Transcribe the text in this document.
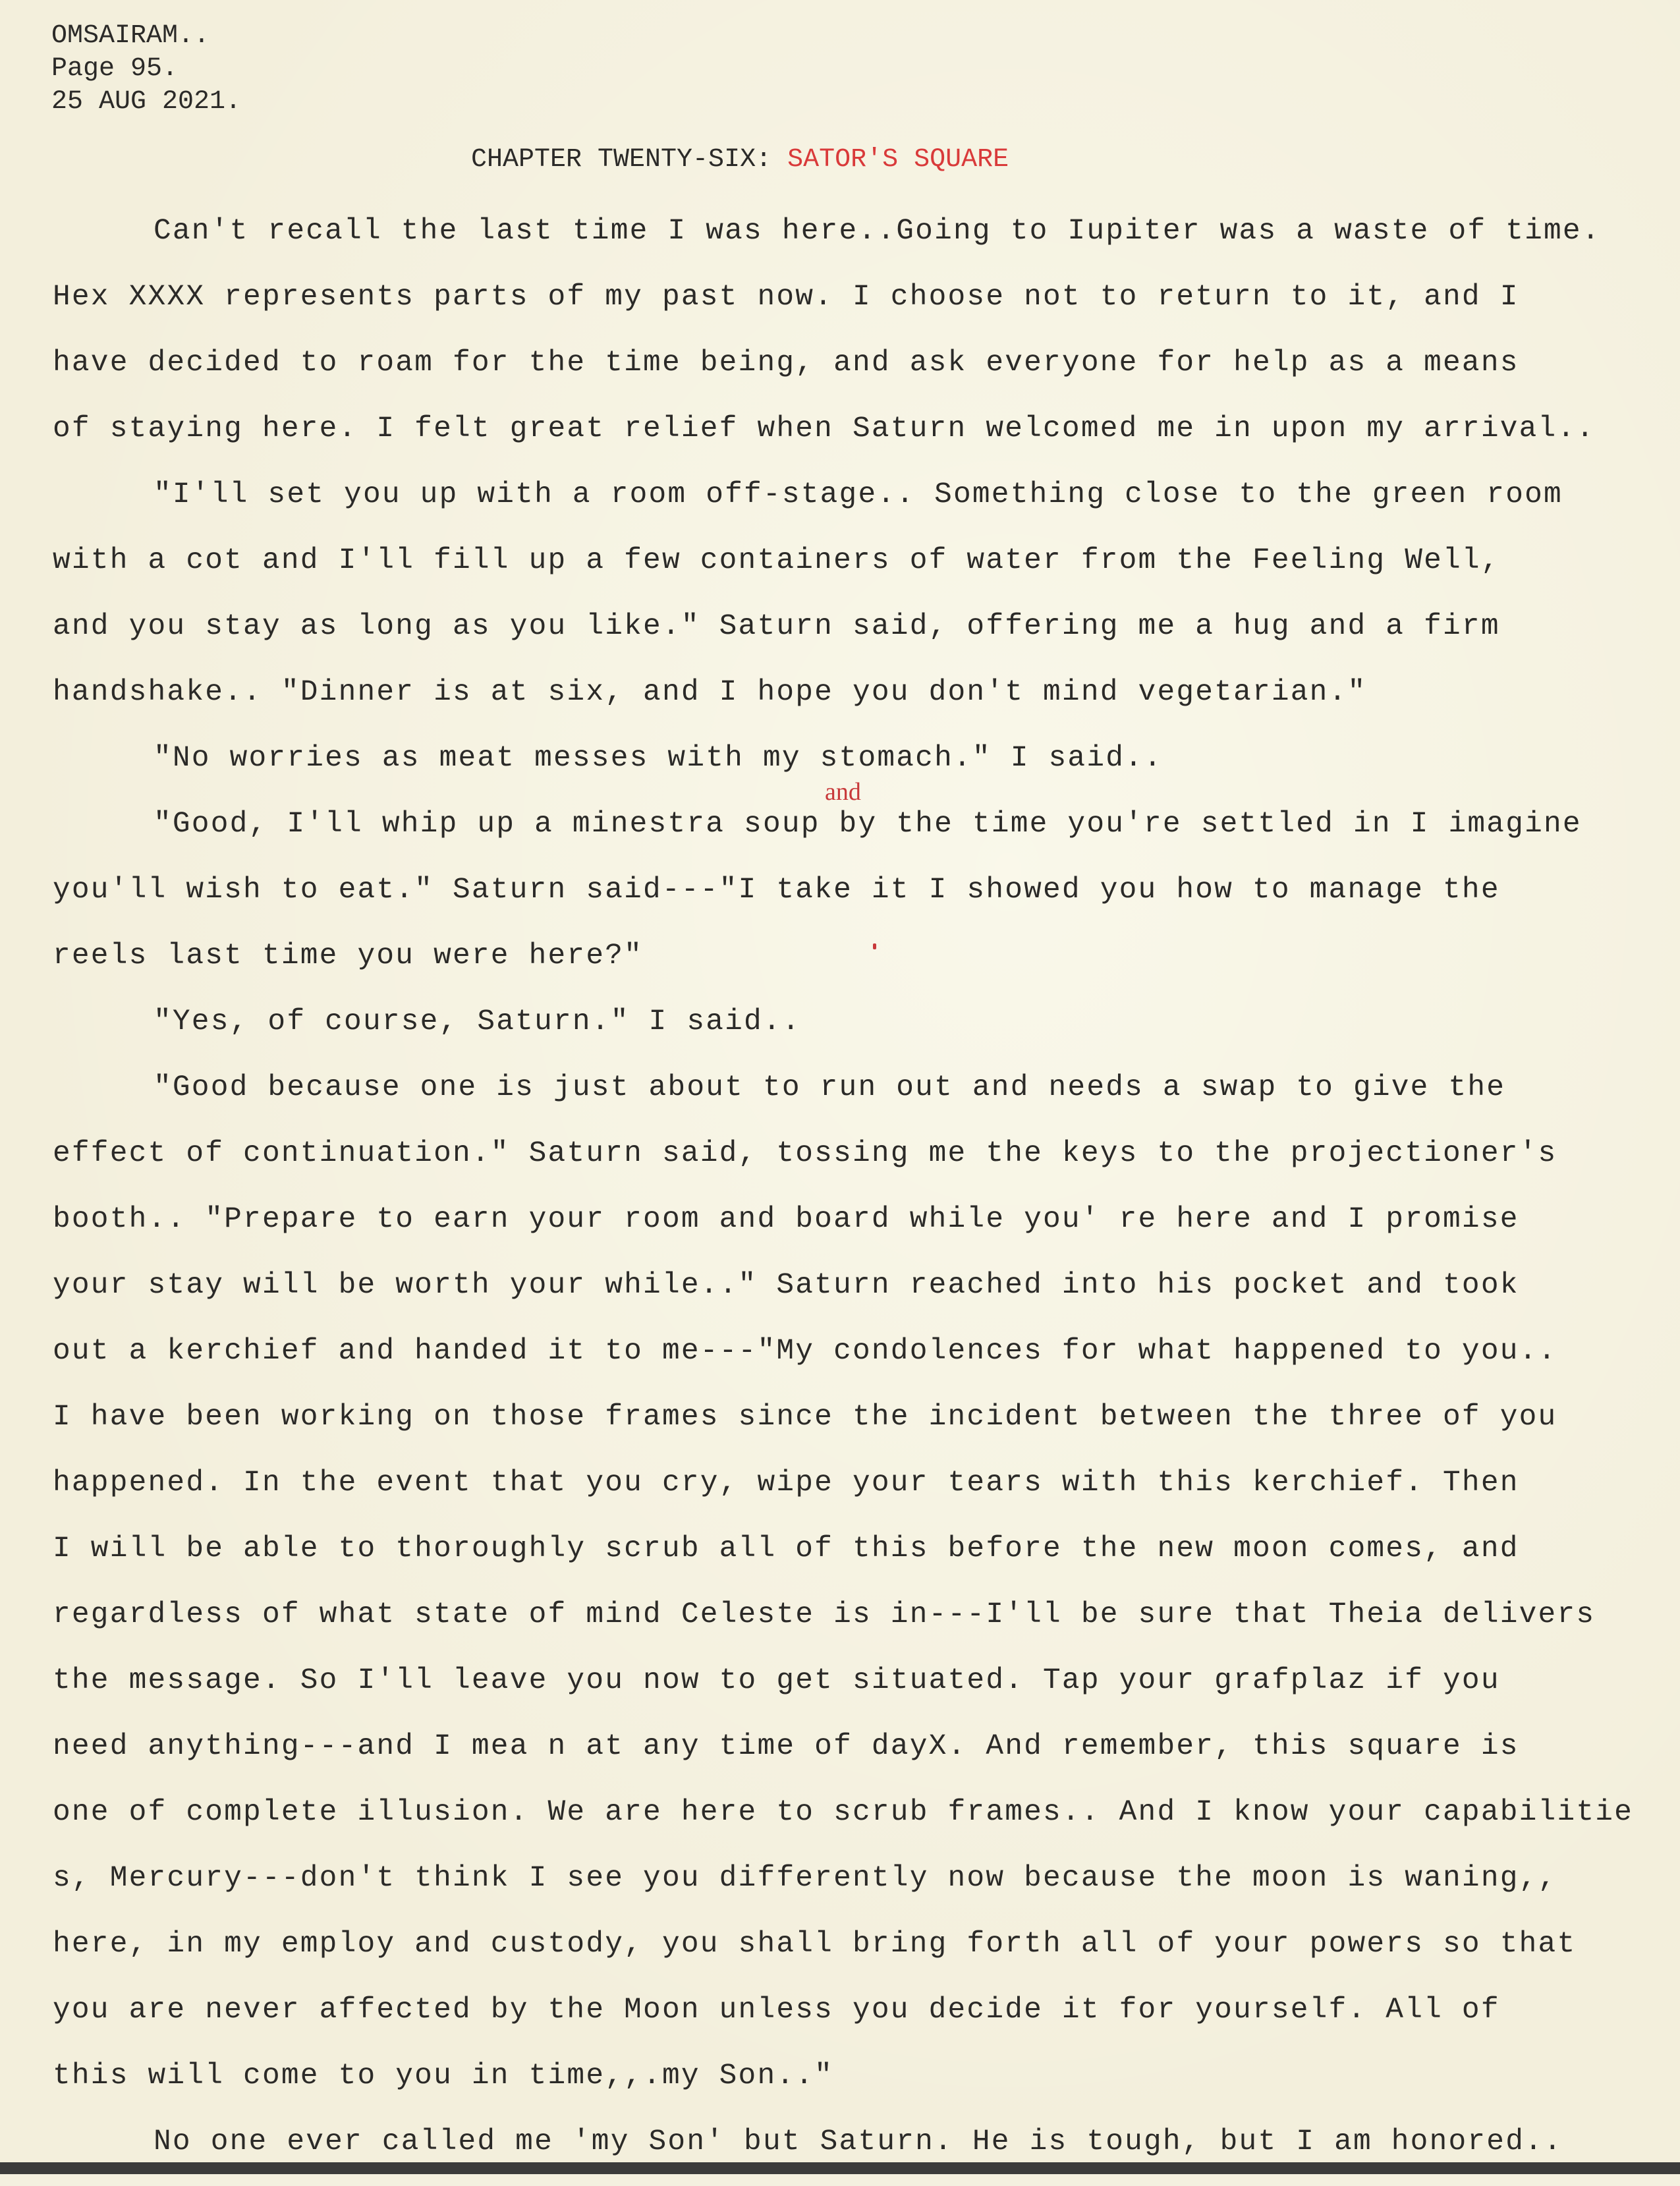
OMSAIRAM..
Page 95.
25 AUG 2021.
CHAPTER TWENTY-SIX: SATOR'S SQUARE
and
Can't recall the last time I was here..Going to Iupiter was a waste of time.
Hex XXXX represents parts of my past now. I choose not to return to it, and I
have decided to roam for the time being, and ask everyone for help as a means
of staying here. I felt great relief when Saturn welcomed me in upon my arrival..
"I'll set you up with a room off-stage.. Something close to the green room
with a cot and I'll fill up a few containers of water from the Feeling Well,
and you stay as long as you like." Saturn said, offering me a hug and a firm
handshake.. "Dinner is at six, and I hope you don't mind vegetarian."
"No worries as meat messes with my stomach." I said..
"Good, I'll whip up a minestra soup by the time you're settled in I imagine
you'll wish to eat." Saturn said---"I take it I showed you how to manage the
reels last time you were here?"
"Yes, of course, Saturn." I said..
"Good because one is just about to run out and needs a swap to give the
effect of continuation." Saturn said, tossing me the keys to the projectioner's
booth.. "Prepare to earn your room and board while you' re here and I promise
your stay will be worth your while.." Saturn reached into his pocket and took
out a kerchief and handed it to me---"My condolences for what happened to you..
I have been working on those frames since the incident between the three of you
happened. In the event that you cry, wipe your tears with this kerchief. Then
I will be able to thoroughly scrub all of this before the new moon comes, and
regardless of what state of mind Celeste is in---I'll be sure that Theia delivers
the message. So I'll leave you now to get situated. Tap your grafplaz if you
need anything---and I mea n at any time of dayX. And remember, this square is
one of complete illusion. We are here to scrub frames.. And I know your capabilitie
s, Mercury---don't think I see you differently now because the moon is waning,,
here, in my employ and custody, you shall bring forth all of your powers so that
you are never affected by the Moon unless you decide it for yourself. All of
this will come to you in time,,.my Son.."
No one ever called me 'my Son' but Saturn. He is tough, but I am honored..
